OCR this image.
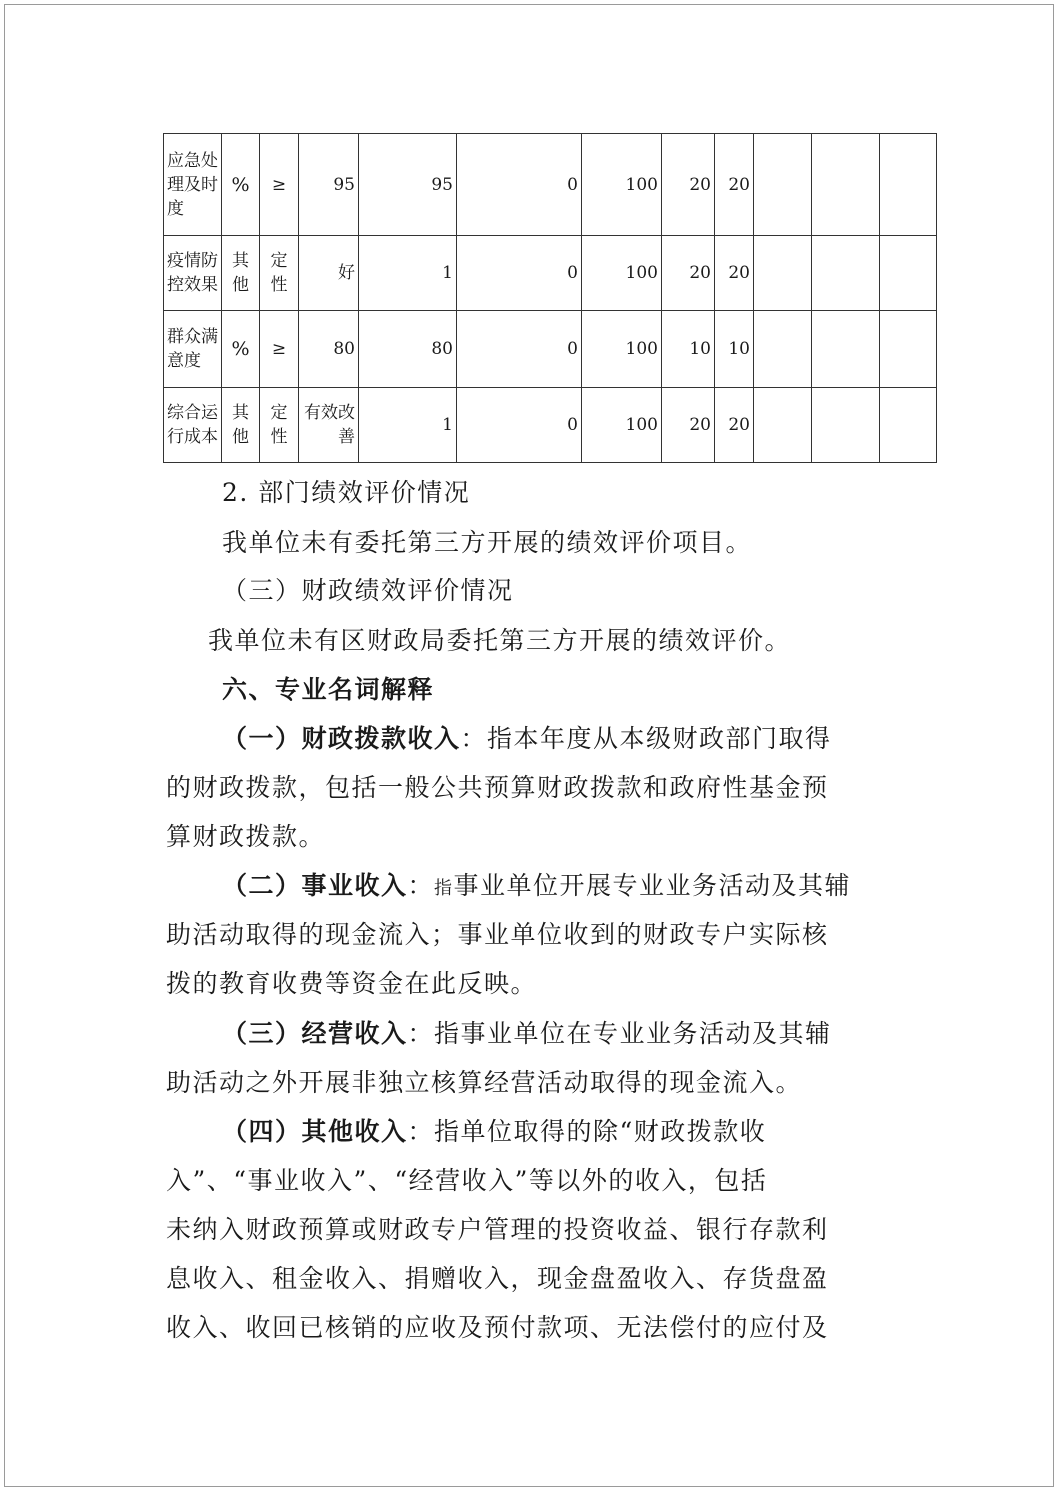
应急处理及时度	%	≥	95	95	0	100	20	20			
疫情防控效果	其他	定性	好	1	0	100	20	20			
群众满意度	%	≥	80	80	0	100	10	10			
综合运行成本	其他	定性	有效改善	1	0	100	20	20			
2. 部门绩效评价情况
我单位未有委托第三方开展的绩效评价项目。
（三）财政绩效评价情况
我单位未有区财政局委托第三方开展的绩效评价。
六、专业名词解释
（一）财政拨款收入：指本年度从本级财政部门取得
的财政拨款，包括一般公共预算财政拨款和政府性基金预
算财政拨款。
（二）事业收入：指事业单位开展专业业务活动及其辅
助活动取得的现金流入；事业单位收到的财政专户实际核
拨的教育收费等资金在此反映。
（三）经营收入：指事业单位在专业业务活动及其辅
助活动之外开展非独立核算经营活动取得的现金流入。
（四）其他收入：指单位取得的除“财政拨款收
入”、“事业收入”、“经营收入”等以外的收入，包括
未纳入财政预算或财政专户管理的投资收益、银行存款利
息收入、租金收入、捐赠收入，现金盘盈收入、存货盘盈
收入、收回已核销的应收及预付款项、无法偿付的应付及
